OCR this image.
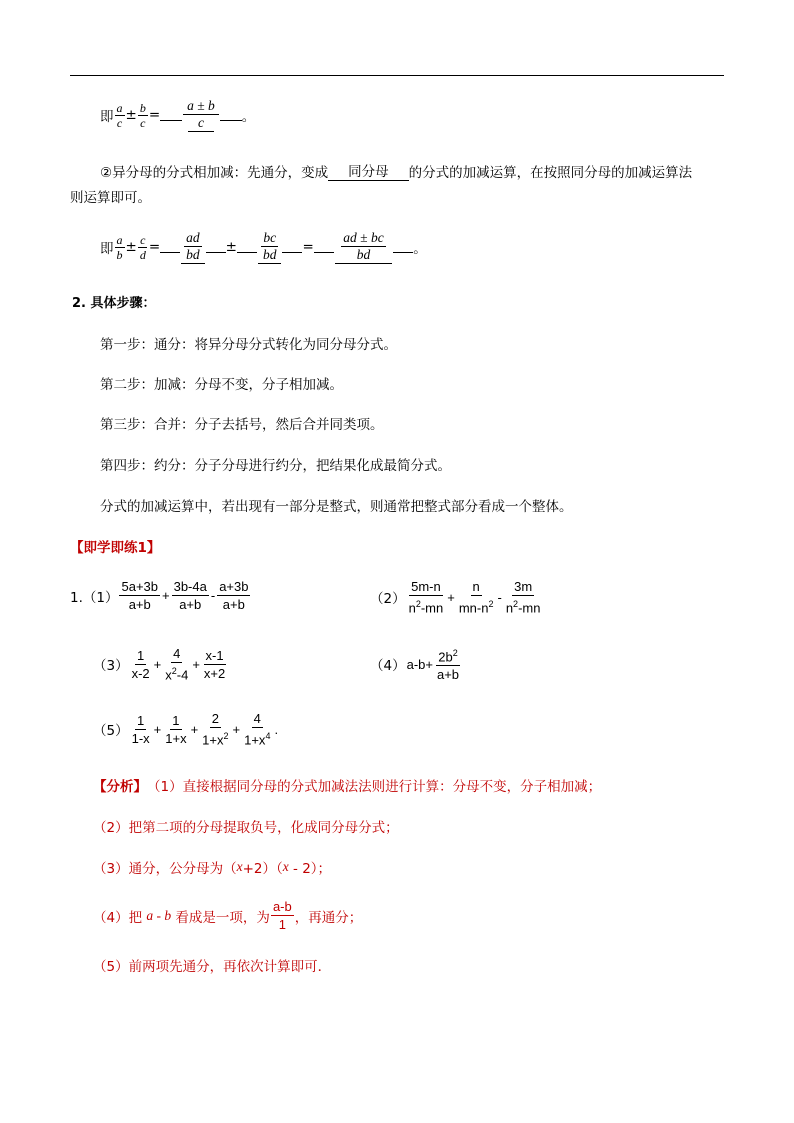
即
a
$c \pm \frac{b}{c}$ =
a ± b
c	。
②异分母的分式相加减：先通分，变成	同分母	的分式的加减运算，在按照同分母的加减运算法
则运算即可。
即
a
$b \pm \frac{c}{d}$ =
ad
bd	±
bc
bd	=
ad ± bc
bd	。
2. 具体步骤：
第一步：通分：将异分母分式转化为同分母分式。
第二步：加减：分母不变，分子相加减。
第三步：合并：分子去括号，然后合并同类项。
第四步：约分：分子分母进行约分，把结果化成最简分式。
分式的加减运算中，若出现有一部分是整式，则通常把整式部分看成一个整体。
【即学即练1】
1.（1）
5a+3b
a+b
+ $\frac{3b-4a}{a+b}$ -
a+3b
a+b	（2）
5m-n
$n^2-mn$
+ $\frac{n}{mn-n^2}$ -
3m
$n^2-mn$
（3）
1
x-2
+ $\frac{4}{x^2-4} + \frac{x-1}{x+2}$	（4） $a-b+ \frac{2b^2}{a+b}$
（5）
1
1-x
+ $\frac{1}{1+x} + \frac{2}{1+x^2} + \frac{4}{1+x^4}$ .
【分析】 （1）直接根据同分母的分式加减法法则进行计算：分母不变，分子相加减；
（2）把第二项的分母提取负号，化成同分母分式；
（3）通分，公分母为（ x +2）（ x - 2）；
（4）把 a - b 看成是一项，为
a-b
1 ，再通分；
（5）前两项先通分，再依次计算即可．
